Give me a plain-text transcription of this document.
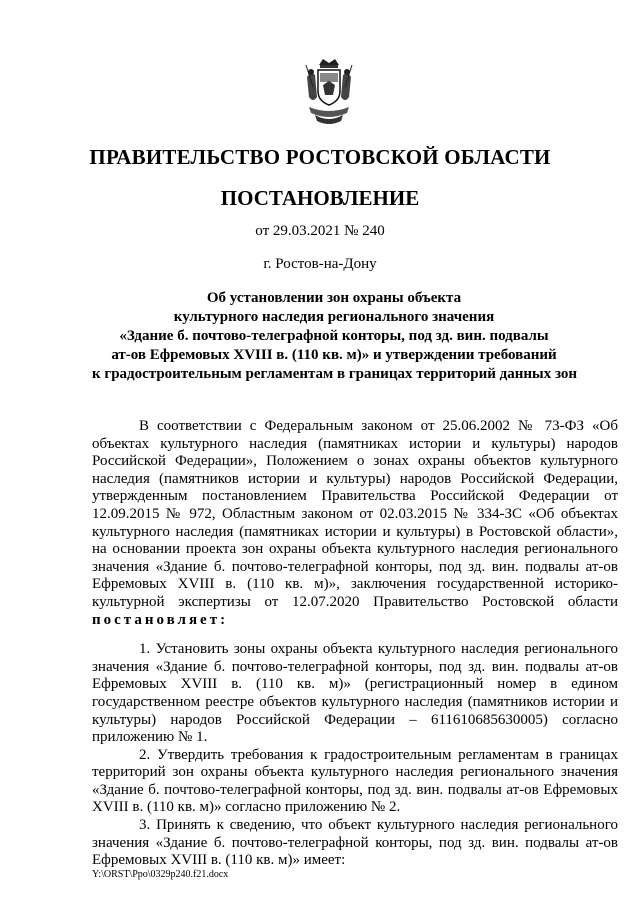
ПРАВИТЕЛЬСТВО РОСТОВСКОЙ ОБЛАСТИ
ПОСТАНОВЛЕНИЕ
от 29.03.2021 № 240
г. Ростов-на-Дону
Об установлении зон охраны объекта
культурного наследия регионального значения
«Здание б. почтово-телеграфной конторы, под зд. вин. подвалы
ат-ов Ефремовых XVIII в. (110 кв. м)» и утверждении требований
к градостроительным регламентам в границах территорий данных зон

В соответствии с Федеральным законом от 25.06.2002 № 73-ФЗ «Об объектах культурного наследия (памятниках истории и культуры) народов Российской Федерации», Положением о зонах охраны объектов культурного наследия (памятников истории и культуры) народов Российской Федерации, утвержденным постановлением Правительства Российской Федерации от 12.09.2015 № 972, Областным законом от 02.03.2015 № 334-ЗС «Об объектах культурного наследия (памятниках истории и культуры) в Ростовской области», на основании проекта зон охраны объекта культурного наследия регионального значения «Здание б. почтово-телеграфной конторы, под зд. вин. подвалы ат-ов Ефремовых XVIII в. (110 кв. м)», заключения государственной историко-культурной экспертизы от 12.07.2020 Правительство Ростовской области постановляет:

1. Установить зоны охраны объекта культурного наследия регионального значения «Здание б. почтово-телеграфной конторы, под зд. вин. подвалы ат-ов Ефремовых XVIII в. (110 кв. м)» (регистрационный номер в едином государственном реестре объектов культурного наследия (памятников истории и культуры) народов Российской Федерации – 611610685630005) согласно приложению № 1.

2. Утвердить требования к градостроительным регламентам в границах территорий зон охраны объекта культурного наследия регионального значения «Здание б. почтово-телеграфной конторы, под зд. вин. подвалы ат-ов Ефремовых XVIII в. (110 кв. м)» согласно приложению № 2.

3. Принять к сведению, что объект культурного наследия регионального значения «Здание б. почтово-телеграфной конторы, под зд. вин. подвалы ат-ов Ефремовых XVIII в. (110 кв. м)» имеет:

Y:\ORST\Ppo\0329p240.f21.docx
